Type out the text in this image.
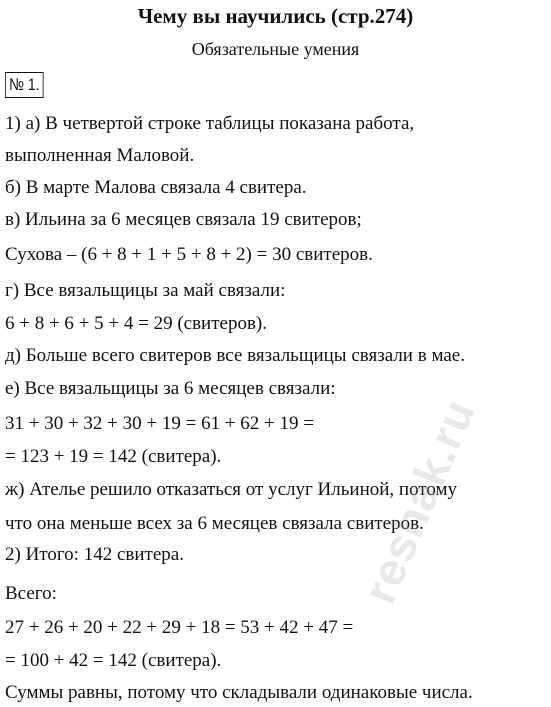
Чему вы научились (стр.274)
Обязательные умения
№ 1.
1) а) В четвертой строке таблицы показана работа,
выполненная Маловой.
б) В марте Малова связала 4 свитера.
в) Ильина за 6 месяцев связала 19 свитеров;
Сухова – (6 + 8 + 1 + 5 + 8 + 2) = 30 свитеров.
г) Все вязальщицы за май связали:
6 + 8 + 6 + 5 + 4 = 29 (свитеров).
д) Больше всего свитеров все вязальщицы связали в мае.
е) Все вязальщицы за 6 месяцев связали:
31 + 30 + 32 + 30 + 19 = 61 + 62 + 19 =
= 123 + 19 = 142 (свитера).
ж) Ателье решило отказаться от услуг Ильиной, потому
что она меньше всех за 6 месяцев связала свитеров.
2) Итого: 142 свитера.
Всего:
27 + 26 + 20 + 22 + 29 + 18 = 53 + 42 + 47 =
= 100 + 42 = 142 (свитера).
Суммы равны, потому что складывали одинаковые числа.
reshak.ru
